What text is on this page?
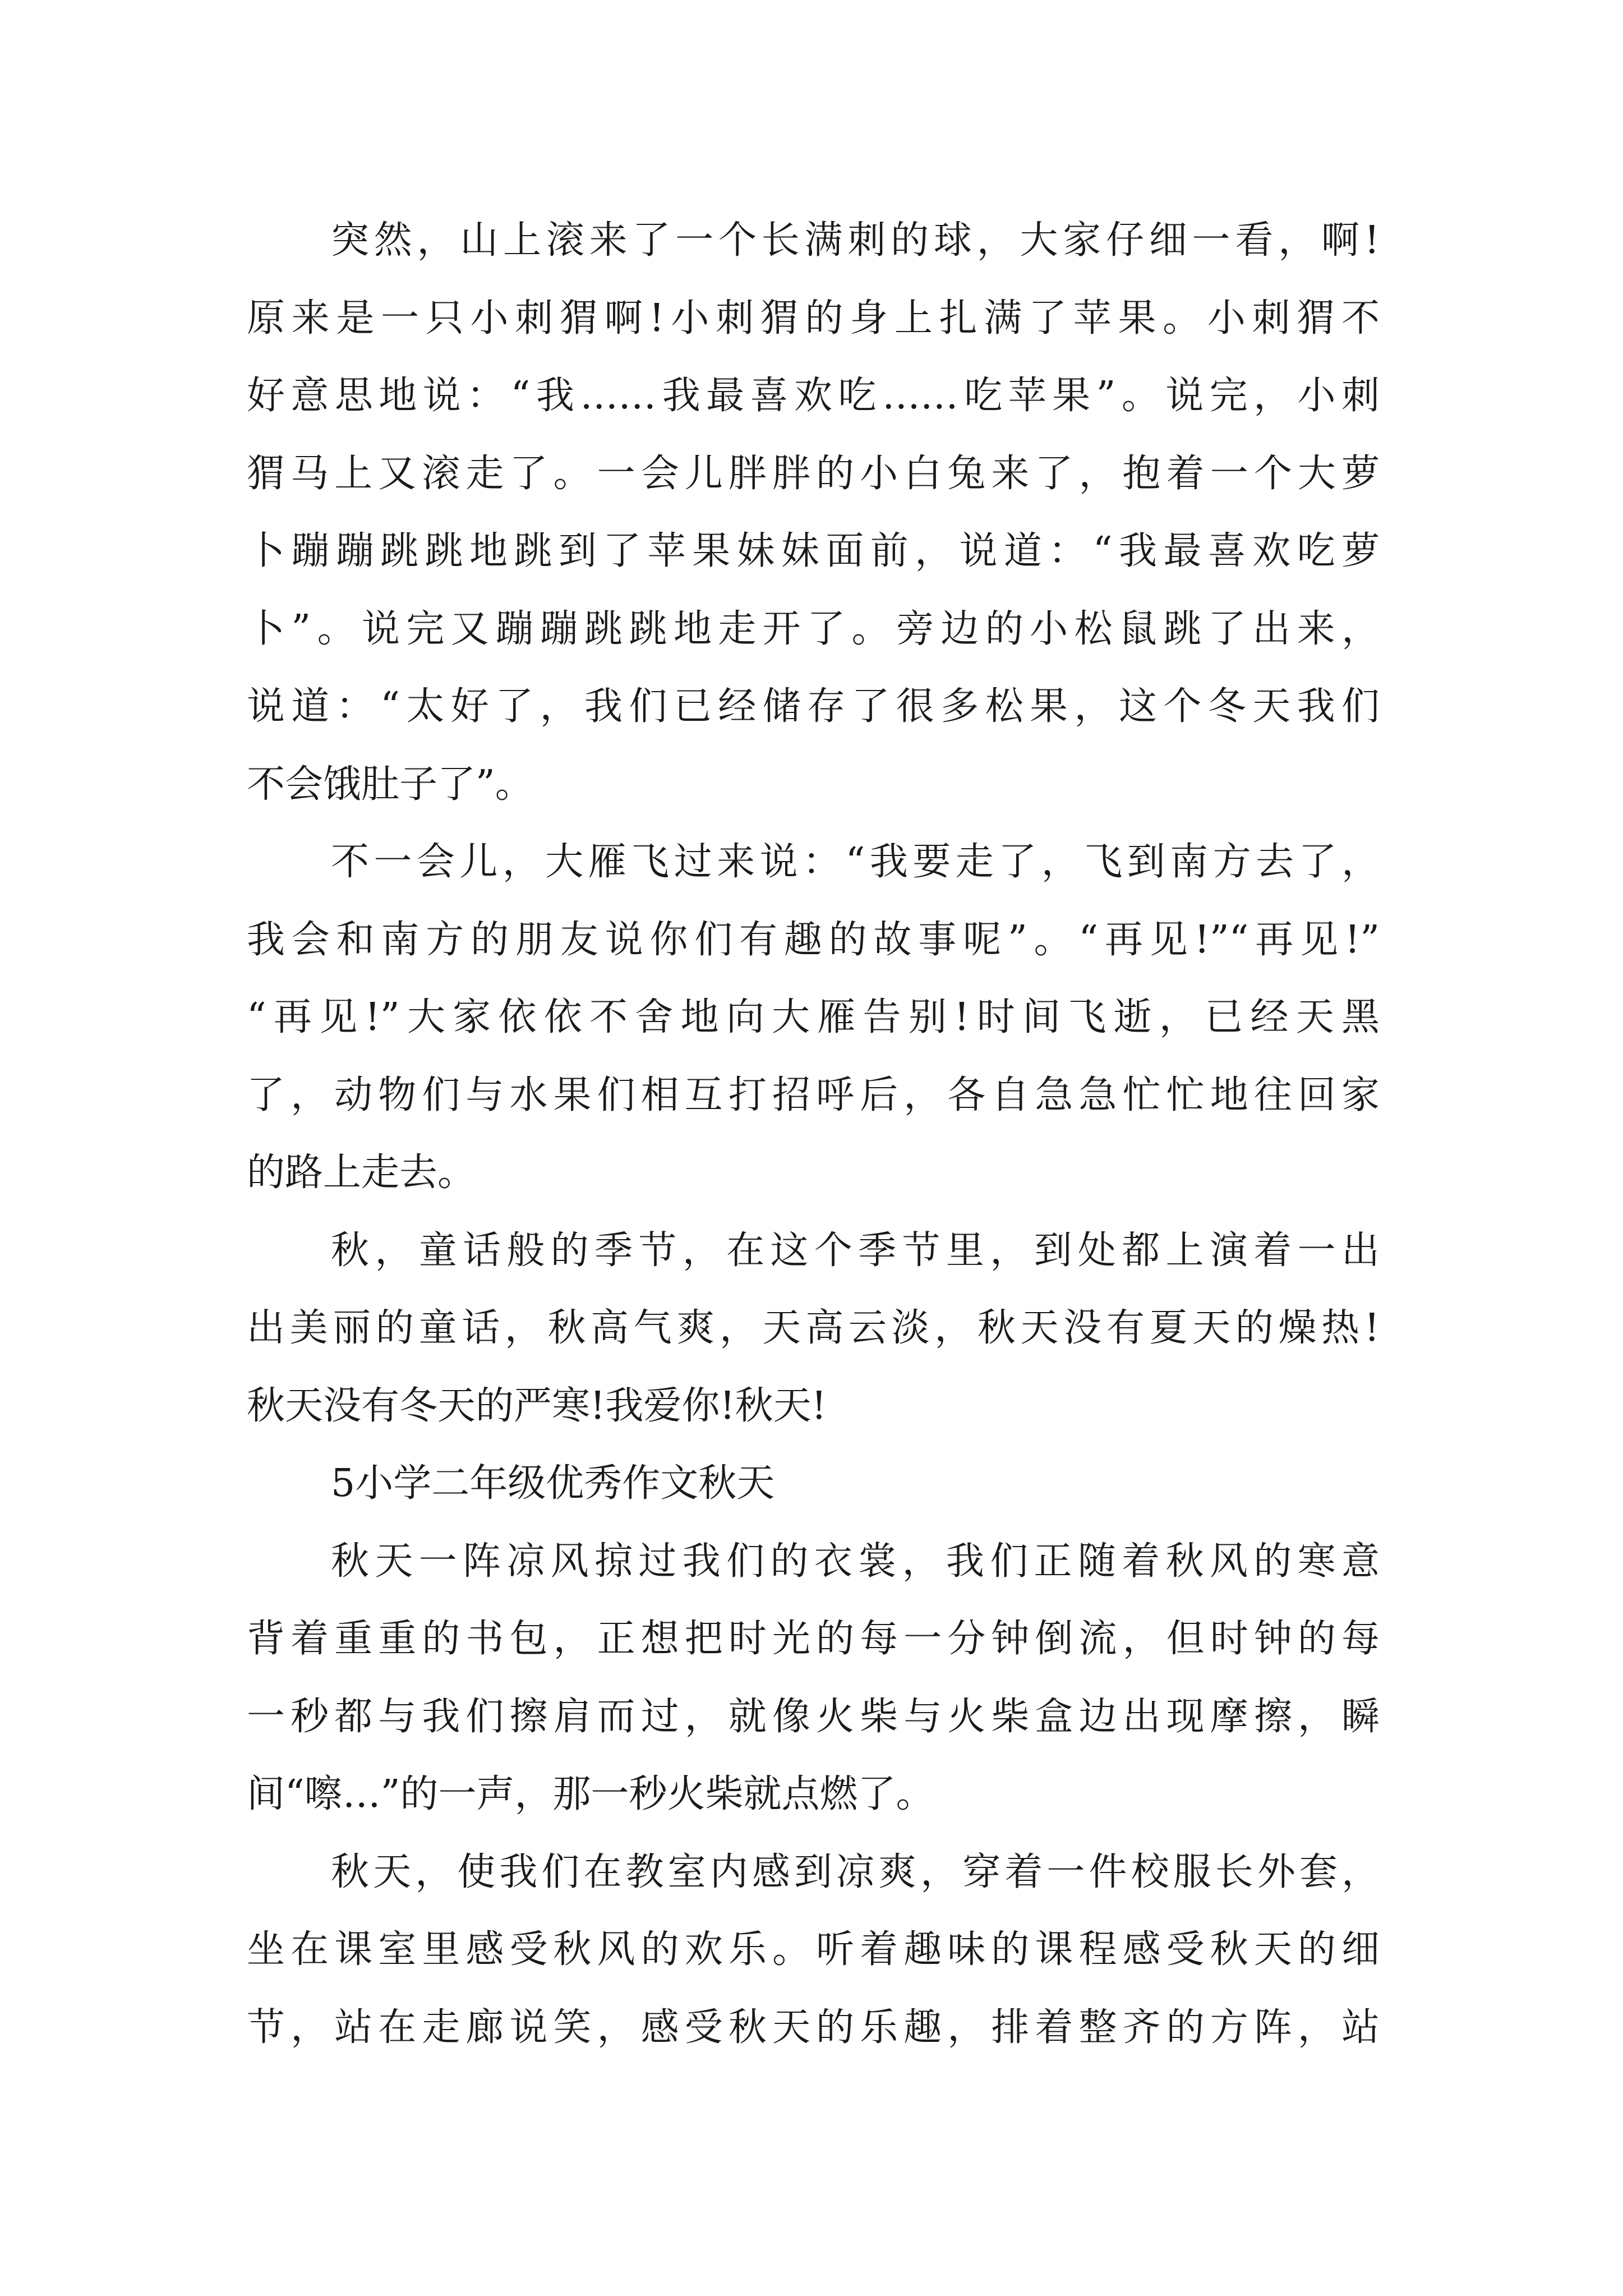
突然，山上滚来了一个长满刺的球，大家仔细一看，啊!
原来是一只小刺猬啊!小刺猬的身上扎满了苹果。小刺猬不
好意思地说：“我……我最喜欢吃……吃苹果”。说完，小刺
猬马上又滚走了。一会儿胖胖的小白兔来了，抱着一个大萝
卜蹦蹦跳跳地跳到了苹果妹妹面前，说道：“我最喜欢吃萝
卜”。说完又蹦蹦跳跳地走开了。旁边的小松鼠跳了出来，
说道：“太好了，我们已经储存了很多松果，这个冬天我们
不会饿肚子了”。
不一会儿，大雁飞过来说：“我要走了，飞到南方去了，
我会和南方的朋友说你们有趣的故事呢”。“再见!”“再见!”
“再见!”大家依依不舍地向大雁告别!时间飞逝，已经天黑
了，动物们与水果们相互打招呼后，各自急急忙忙地往回家
的路上走去。
秋，童话般的季节，在这个季节里，到处都上演着一出
出美丽的童话，秋高气爽，天高云淡，秋天没有夏天的燥热!
秋天没有冬天的严寒!我爱你!秋天!
5小学二年级优秀作文秋天
秋天一阵凉风掠过我们的衣裳，我们正随着秋风的寒意
背着重重的书包，正想把时光的每一分钟倒流，但时钟的每
一秒都与我们擦肩而过，就像火柴与火柴盒边出现摩擦，瞬
间“嚓…”的一声，那一秒火柴就点燃了。
秋天，使我们在教室内感到凉爽，穿着一件校服长外套，
坐在课室里感受秋风的欢乐。听着趣味的课程感受秋天的细
节，站在走廊说笑，感受秋天的乐趣，排着整齐的方阵，站
